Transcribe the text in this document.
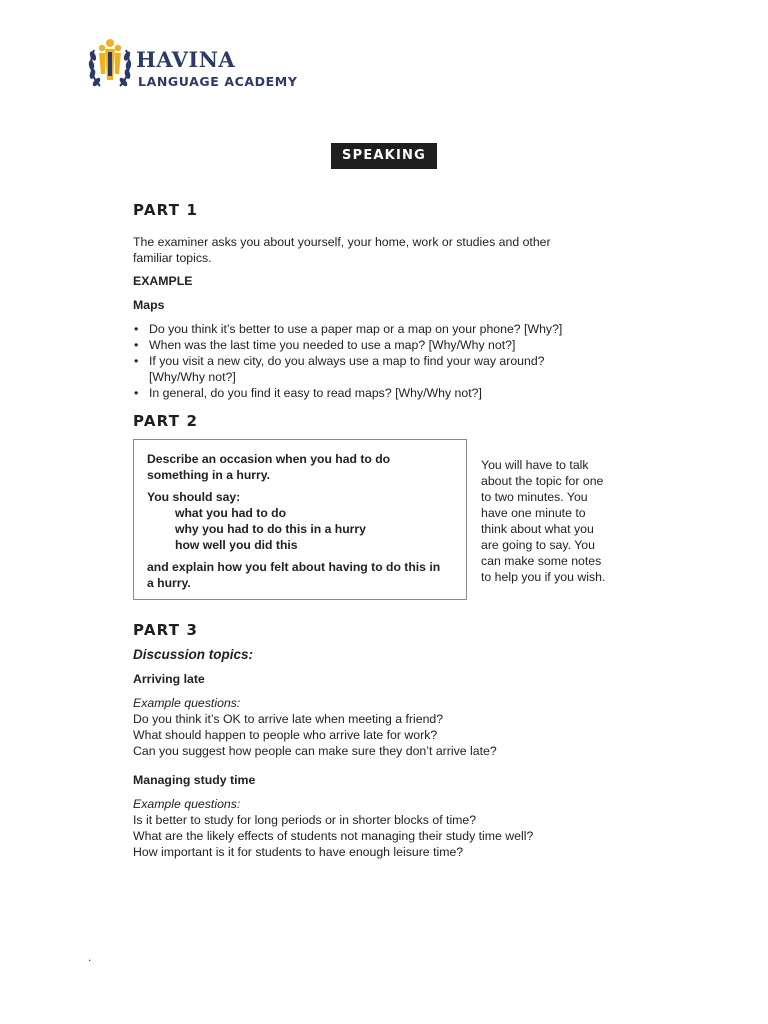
HAVINA
LANGUAGE ACADEMY
SPEAKING
PART 1
The examiner asks you about yourself, your home, work or studies and other
familiar topics.
EXAMPLE
Maps
• Do you think it’s better to use a paper map or a map on your phone? [Why?]
• When was the last time you needed to use a map? [Why/Why not?]
• If you visit a new city, do you always use a map to find your way around?
[Why/Why not?]
• In general, do you find it easy to read maps? [Why/Why not?]
PART 2
Describe an occasion when you had to do
something in a hurry.
You should say:
what you had to do
why you had to do this in a hurry
how well you did this
and explain how you felt about having to do this in
a hurry.
You will have to talk
about the topic for one
to two minutes. You
have one minute to
think about what you
are going to say. You
can make some notes
to help you if you wish.
PART 3
Discussion topics:
Arriving late
Example questions:
Do you think it’s OK to arrive late when meeting a friend?
What should happen to people who arrive late for work?
Can you suggest how people can make sure they don’t arrive late?
Managing study time
Example questions:
Is it better to study for long periods or in shorter blocks of time?
What are the likely effects of students not managing their study time well?
How important is it for students to have enough leisure time?
.
